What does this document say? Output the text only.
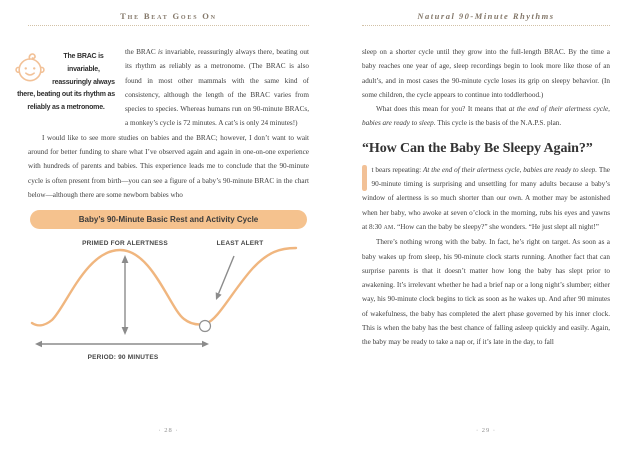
The Beat Goes On
The BRAC is invariable, reassuringly always there, beating out its rhythm as reliably as a metronome.

the BRAC is invariable, reassuringly always there, beating out its rhythm as reliably as a metronome. (The BRAC is also found in most other mammals with the same kind of consistency, although the length of the BRAC varies from species to species. Whereas humans run on 90-minute BRACs, a monkey’s cycle is 72 minutes. A cat’s is only 24 minutes!)

I would like to see more studies on babies and the BRAC; however, I don’t want to wait around for better funding to share what I’ve observed again and again in one-on-one experience with hundreds of parents and babies. This experience leads me to conclude that the 90-minute cycle is often present from birth—you can see a figure of a baby’s 90-minute BRAC in the chart below—although there are some newborn babies who

Baby’s 90-Minute Basic Rest and Activity Cycle
PRIMED FOR ALERTNESS	LEAST ALERT
PERIOD: 90 MINUTES
· 28 ·
Natural 90-Minute Rhythms

sleep on a shorter cycle until they grow into the full-length BRAC. By the time a baby reaches one year of age, sleep recordings begin to look more like those of an adult’s, and in most cases the 90-minute cycle loses its grip on sleepy behavior. (In some children, the cycle appears to continue into toddlerhood.)

What does this mean for you? It means that at the end of their alertness cycle, babies are ready to sleep. This cycle is the basis of the N.A.P.S. plan.

“How Can the Baby Be Sleepy Again?”

t bears repeating: At the end of their alertness cycle, babies are ready to sleep. The 90-minute timing is surprising and unsettling for many adults because a baby’s window of alertness is so much shorter than our own. A mother may be astonished when her baby, who awoke at seven o’clock in the morning, rubs his eyes and yawns at 8:30 AM. “How can the baby be sleepy?” she wonders. “He just slept all night!”

There’s nothing wrong with the baby. In fact, he’s right on target. As soon as a baby wakes up from sleep, his 90-minute clock starts running. Another fact that can surprise parents is that it doesn’t matter how long the baby has slept prior to awakening. It’s irrelevant whether he had a brief nap or a long night’s slumber; either way, his 90-minute clock begins to tick as soon as he wakes up. And after 90 minutes of wakefulness, the baby has completed the alert phase governed by his inner clock. This is when the baby has the best chance of falling asleep quickly and easily. Again, the baby may be ready to take a nap or, if it’s late in the day, to fall

· 29 ·
